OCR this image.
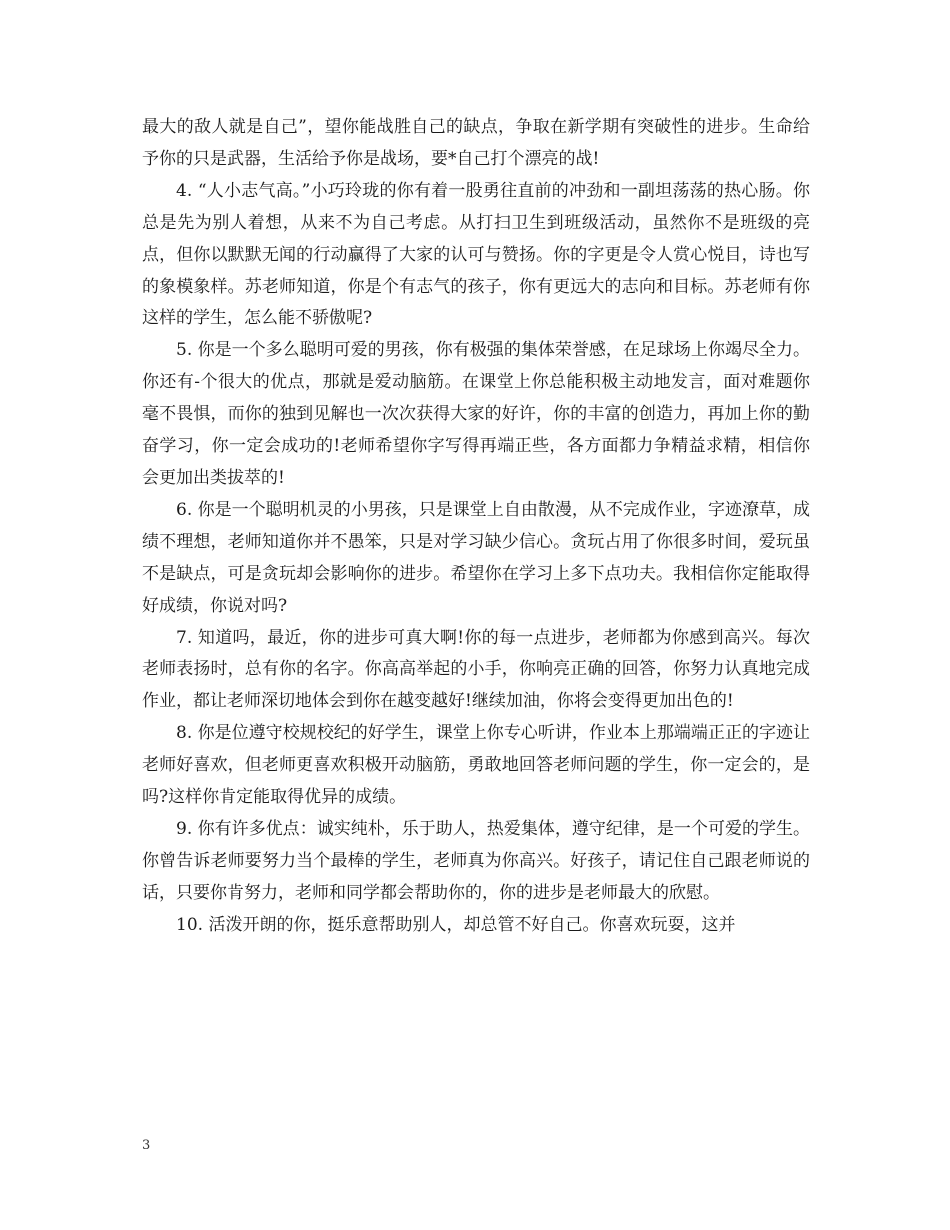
最大的敌人就是自己”，望你能战胜自己的缺点，争取在新学期有突破性的进步。生命给予你的只是武器，生活给予你是战场，要*自己打个漂亮的战!

4. “人小志气高。”小巧玲珑的你有着一股勇往直前的冲劲和一副坦荡荡的热心肠。你总是先为别人着想，从来不为自己考虑。从打扫卫生到班级活动，虽然你不是班级的亮点，但你以默默无闻的行动赢得了大家的认可与赞扬。你的字更是令人赏心悦目，诗也写的象模象样。苏老师知道，你是个有志气的孩子，你有更远大的志向和目标。苏老师有你这样的学生，怎么能不骄傲呢?

5. 你是一个多么聪明可爱的男孩，你有极强的集体荣誉感，在足球场上你竭尽全力。你还有-个很大的优点，那就是爱动脑筋。在课堂上你总能积极主动地发言，面对难题你毫不畏惧，而你的独到见解也一次次获得大家的好许，你的丰富的创造力，再加上你的勤奋学习，你一定会成功的!老师希望你字写得再端正些，各方面都力争精益求精，相信你会更加出类拔萃的!

6. 你是一个聪明机灵的小男孩，只是课堂上自由散漫，从不完成作业，字迹潦草，成绩不理想，老师知道你并不愚笨，只是对学习缺少信心。贪玩占用了你很多时间，爱玩虽不是缺点，可是贪玩却会影响你的进步。希望你在学习上多下点功夫。我相信你定能取得好成绩，你说对吗?

7. 知道吗，最近，你的进步可真大啊!你的每一点进步，老师都为你感到高兴。每次老师表扬时，总有你的名字。你高高举起的小手，你响亮正确的回答，你努力认真地完成作业，都让老师深切地体会到你在越变越好!继续加油，你将会变得更加出色的!

8. 你是位遵守校规校纪的好学生，课堂上你专心听讲，作业本上那端端正正的字迹让老师好喜欢，但老师更喜欢积极开动脑筋，勇敢地回答老师问题的学生，你一定会的，是吗?这样你肯定能取得优异的成绩。

9. 你有许多优点：诚实纯朴，乐于助人，热爱集体，遵守纪律，是一个可爱的学生。你曾告诉老师要努力当个最棒的学生，老师真为你高兴。好孩子，请记住自己跟老师说的话，只要你肯努力，老师和同学都会帮助你的，你的进步是老师最大的欣慰。

10. 活泼开朗的你，挺乐意帮助别人，却总管不好自己。你喜欢玩耍，这并

3
